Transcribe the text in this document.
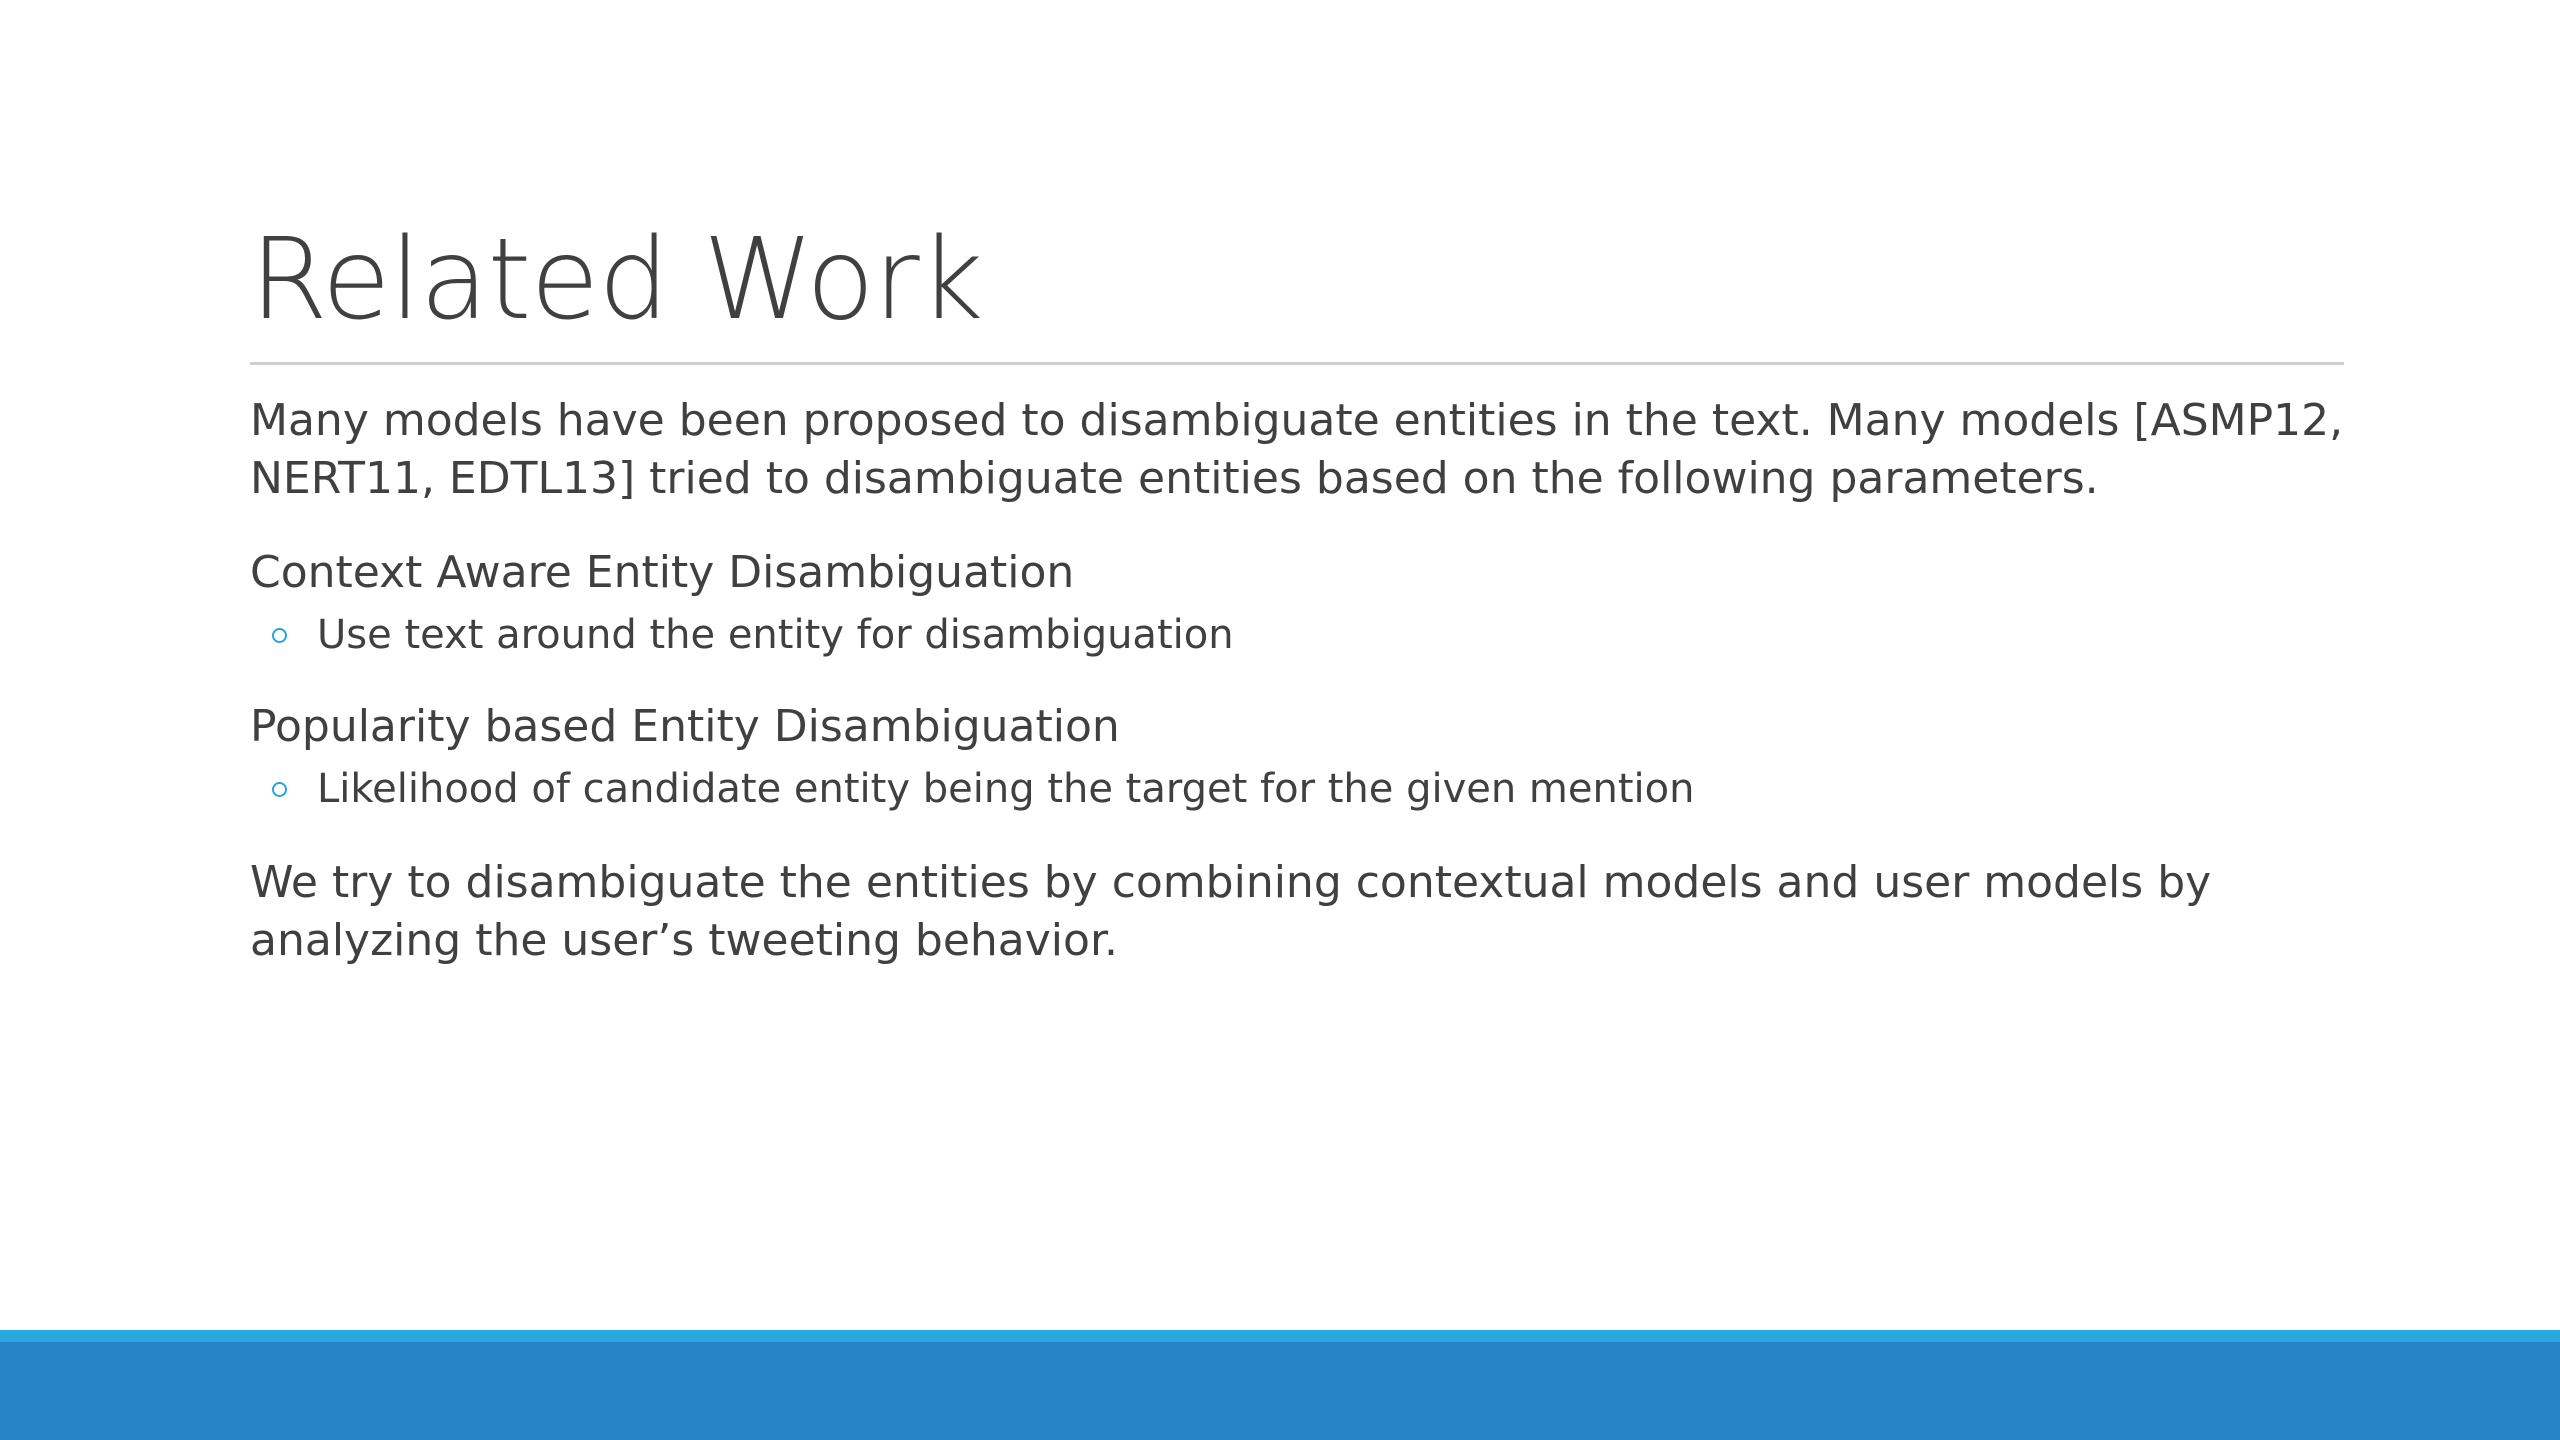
Related Work

Many models have been proposed to disambiguate entities in the text. Many models [ASMP12, NERT11, EDTL13] tried to disambiguate entities based on the following parameters.

Context Aware Entity Disambiguation

Use text around the entity for disambiguation

Popularity based Entity Disambiguation

Likelihood of candidate entity being the target for the given mention

We try to disambiguate the entities by combining contextual models and user models by analyzing the user’s tweeting behavior.
